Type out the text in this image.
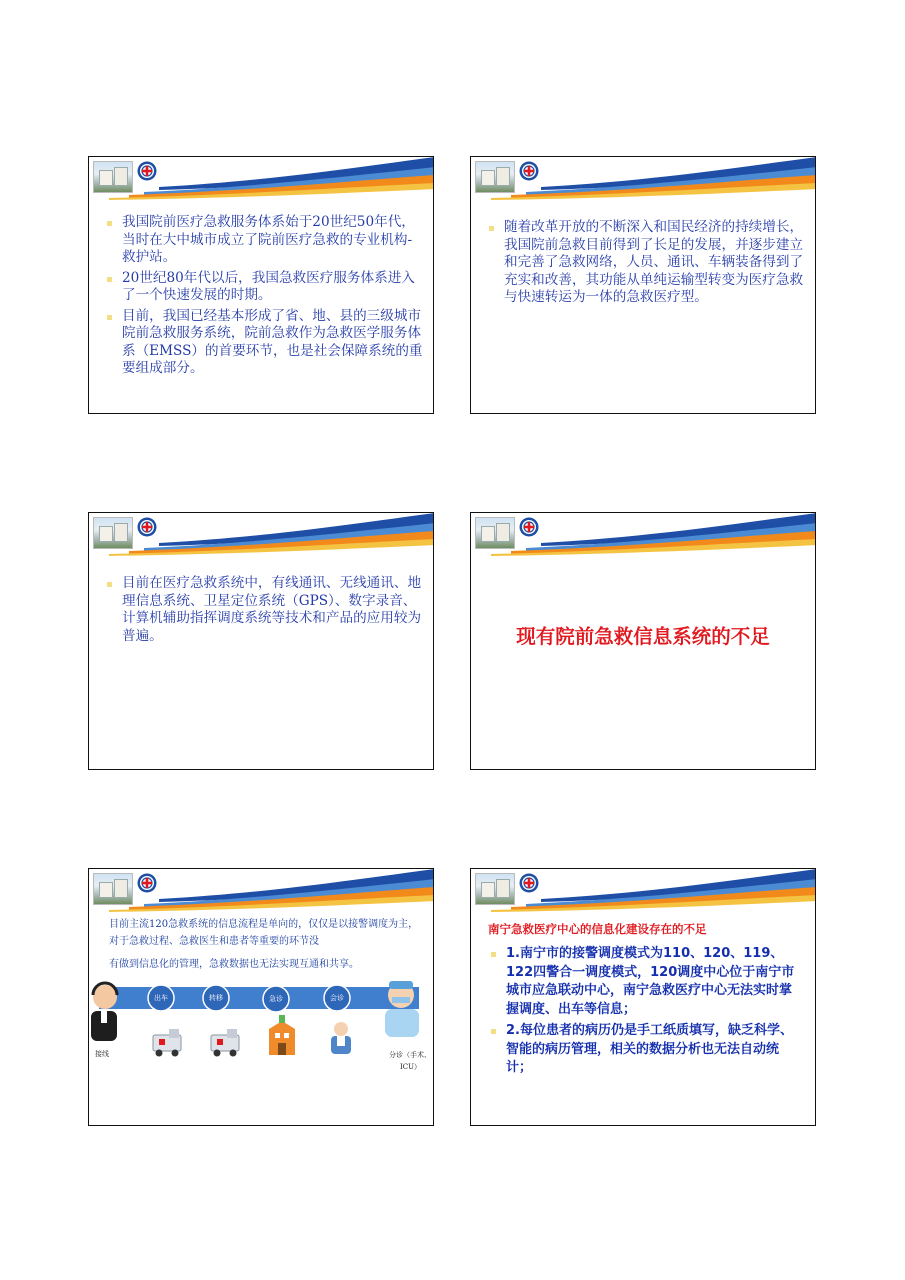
我国院前医疗急救服务体系始于20世纪50年代，当时在大中城市成立了院前医疗急救的专业机构-救护站。
20世纪80年代以后，我国急救医疗服务体系进入了一个快速发展的时期。
目前，我国已经基本形成了省、地、县的三级城市院前急救服务系统，院前急救作为急救医学服务体系（EMSS）的首要环节，也是社会保障系统的重要组成部分。
随着改革开放的不断深入和国民经济的持续增长，我国院前急救目前得到了长足的发展，并逐步建立和完善了急救网络，人员、通讯、车辆装备得到了充实和改善，其功能从单纯运输型转变为医疗急救与快速转运为一体的急救医疗型。
目前在医疗急救系统中，有线通讯、无线通讯、地理信息系统、卫星定位系统（GPS）、数字录音、计算机辅助指挥调度系统等技术和产品的应用较为普遍。	现有院前急救信息系统的不足
目前主流120急救系统的信息流程是单向的，仅仅是以接警调度为主，对于急救过程、急救医生和患者等重要的环节没
有做到信息化的管理，急救数据也无法实现互通和共享。
出车	转移	急诊	会诊
接线	分诊（手术、
ICU）
南宁急救医疗中心的信息化建设存在的不足
1.南宁市的接警调度模式为110、120、119、122四警合一调度模式，120调度中心位于南宁市城市应急联动中心，南宁急救医疗中心无法实时掌握调度、出车等信息；
2.每位患者的病历仍是手工纸质填写，缺乏科学、智能的病历管理，相关的数据分析也无法自动统计；
